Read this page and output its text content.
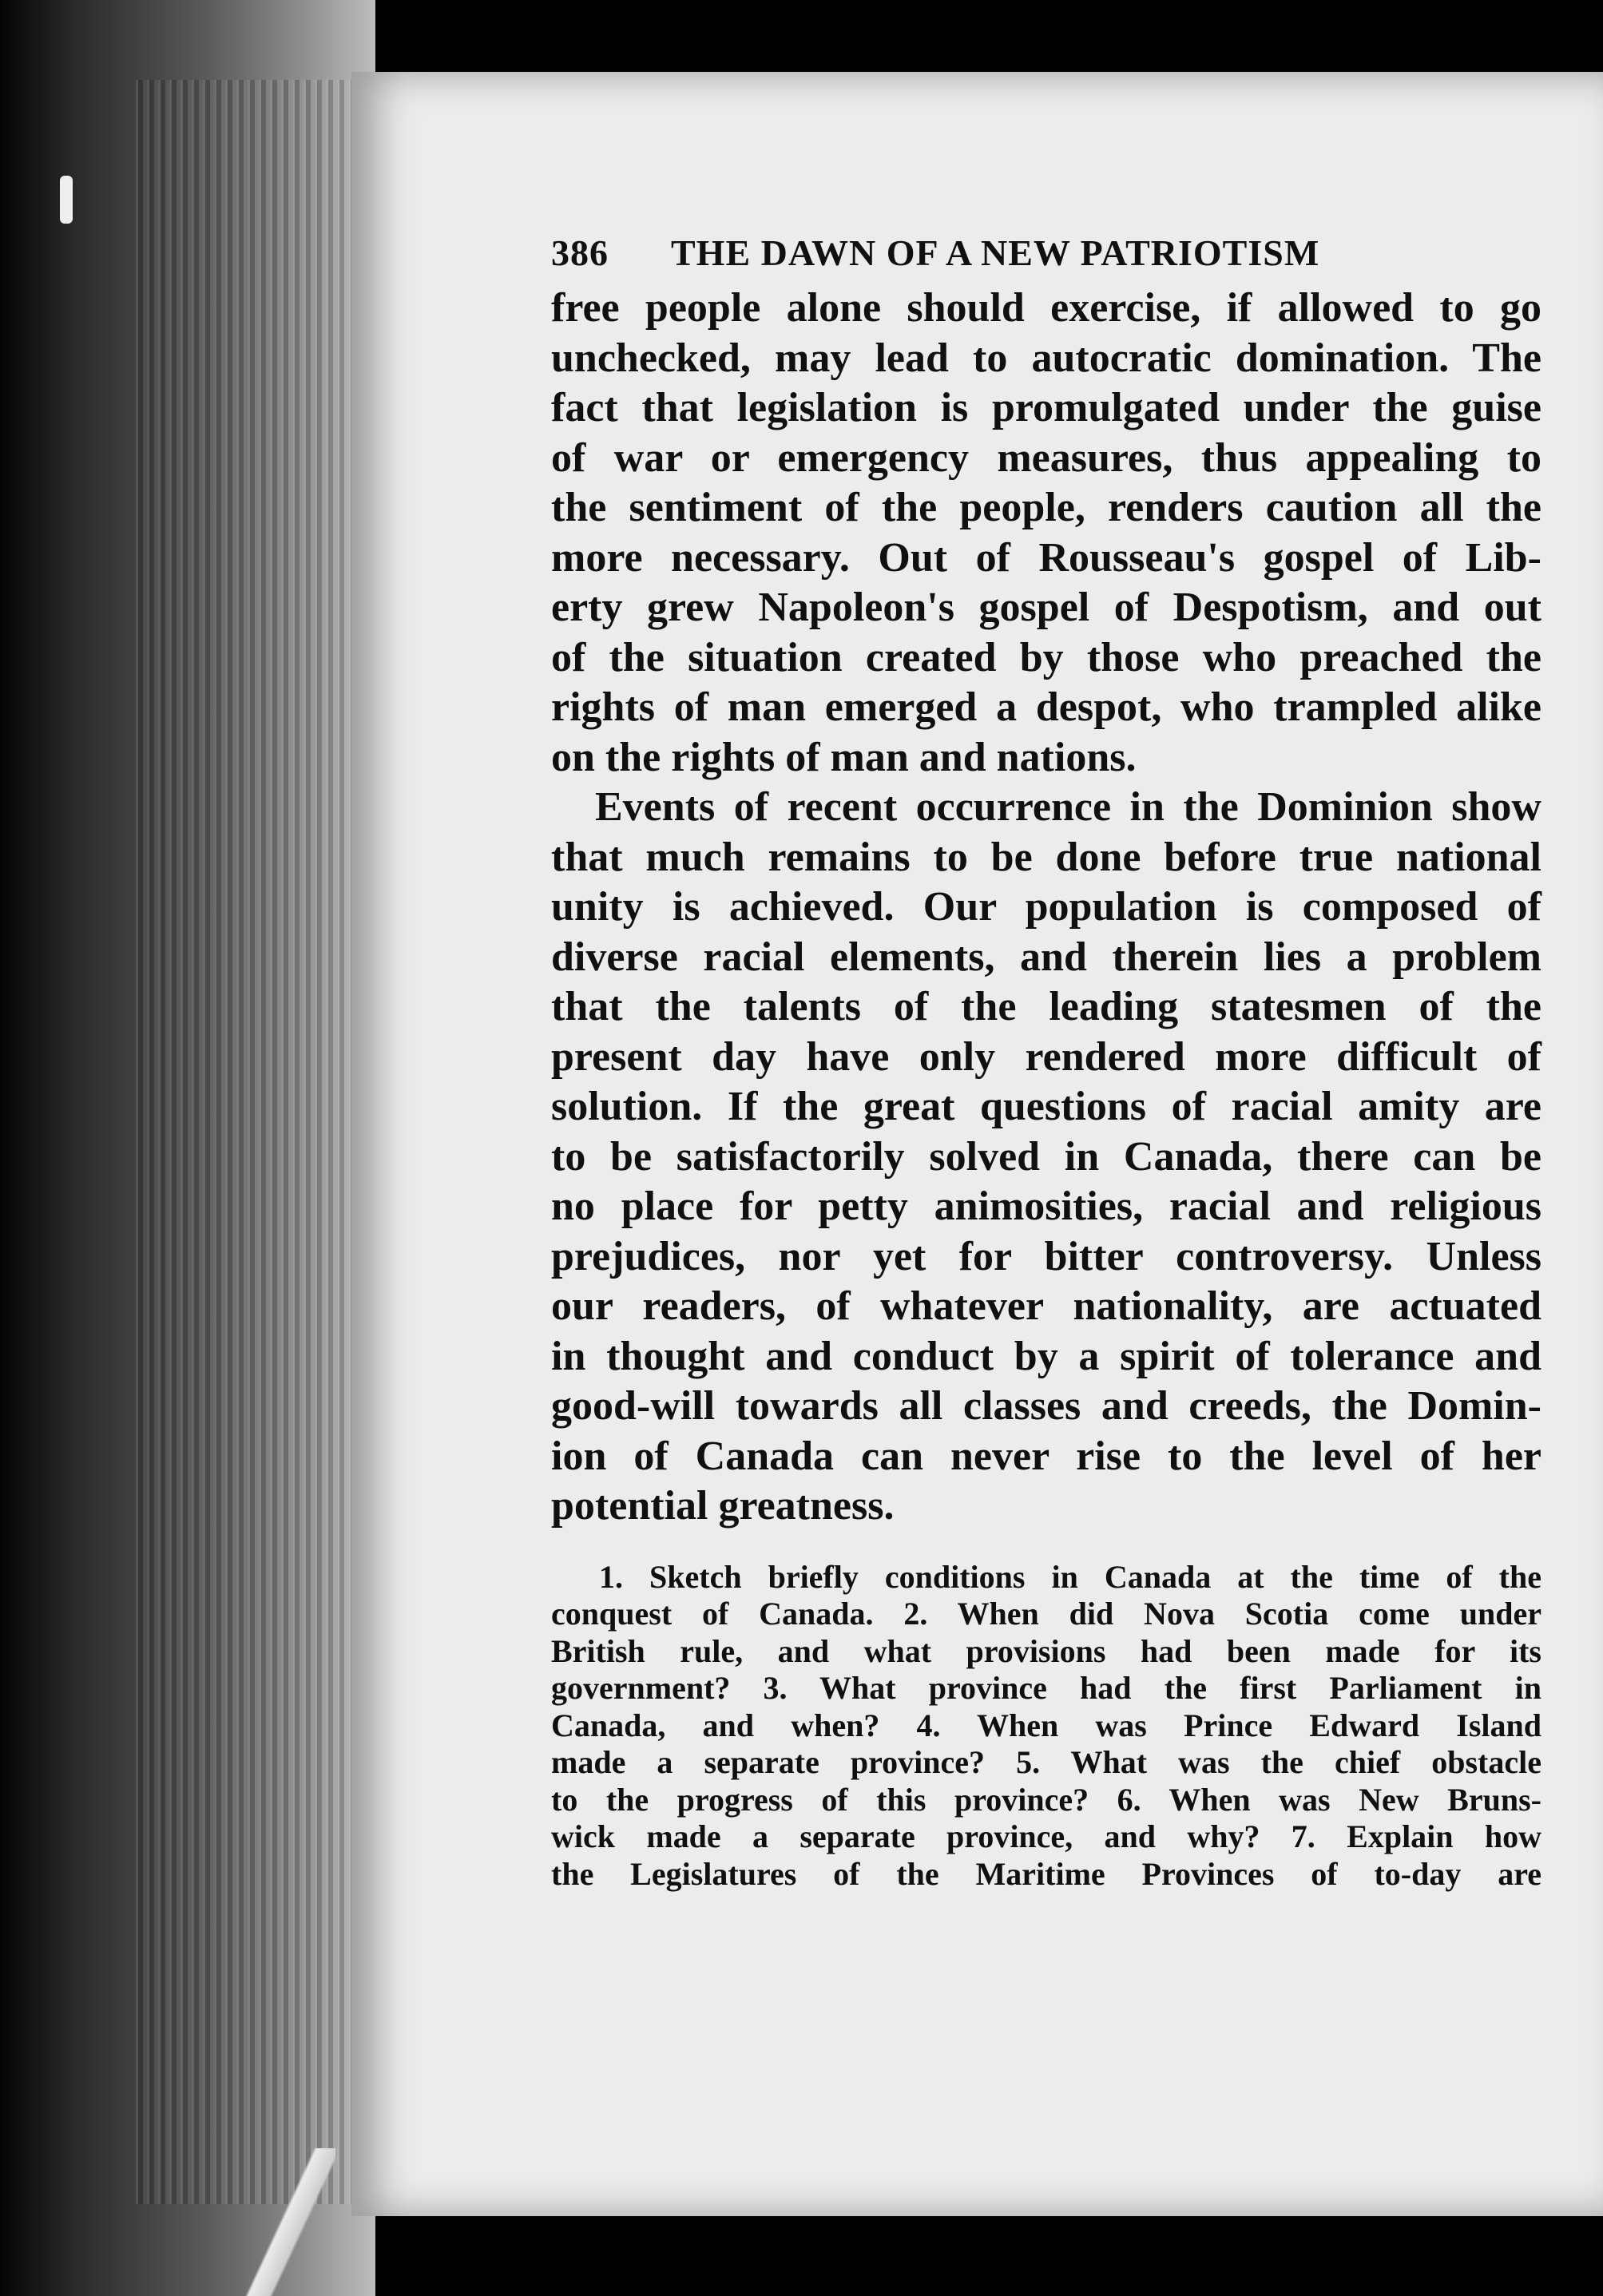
386	THE DAWN OF A NEW PATRIOTISM
free people alone should exercise, if allowed to go
unchecked, may lead to autocratic domination. The
fact that legislation is promulgated under the guise
of war or emergency measures, thus appealing to
the sentiment of the people, renders caution all the
more necessary. Out of Rousseau's gospel of Lib-
erty grew Napoleon's gospel of Despotism, and out
of the situation created by those who preached the
rights of man emerged a despot, who trampled alike
on the rights of man and nations.
Events of recent occurrence in the Dominion show
that much remains to be done before true national
unity is achieved. Our population is composed of
diverse racial elements, and therein lies a problem
that the talents of the leading statesmen of the
present day have only rendered more difficult of
solution. If the great questions of racial amity are
to be satisfactorily solved in Canada, there can be
no place for petty animosities, racial and religious
prejudices, nor yet for bitter controversy. Unless
our readers, of whatever nationality, are actuated
in thought and conduct by a spirit of tolerance and
good-will towards all classes and creeds, the Domin-
ion of Canada can never rise to the level of her
potential greatness.
1. Sketch briefly conditions in Canada at the time of the
conquest of Canada. 2. When did Nova Scotia come under
British rule, and what provisions had been made for its
government? 3. What province had the first Parliament in
Canada, and when? 4. When was Prince Edward Island
made a separate province? 5. What was the chief obstacle
to the progress of this province? 6. When was New Bruns-
wick made a separate province, and why? 7. Explain how
the Legislatures of the Maritime Provinces of to-day are
